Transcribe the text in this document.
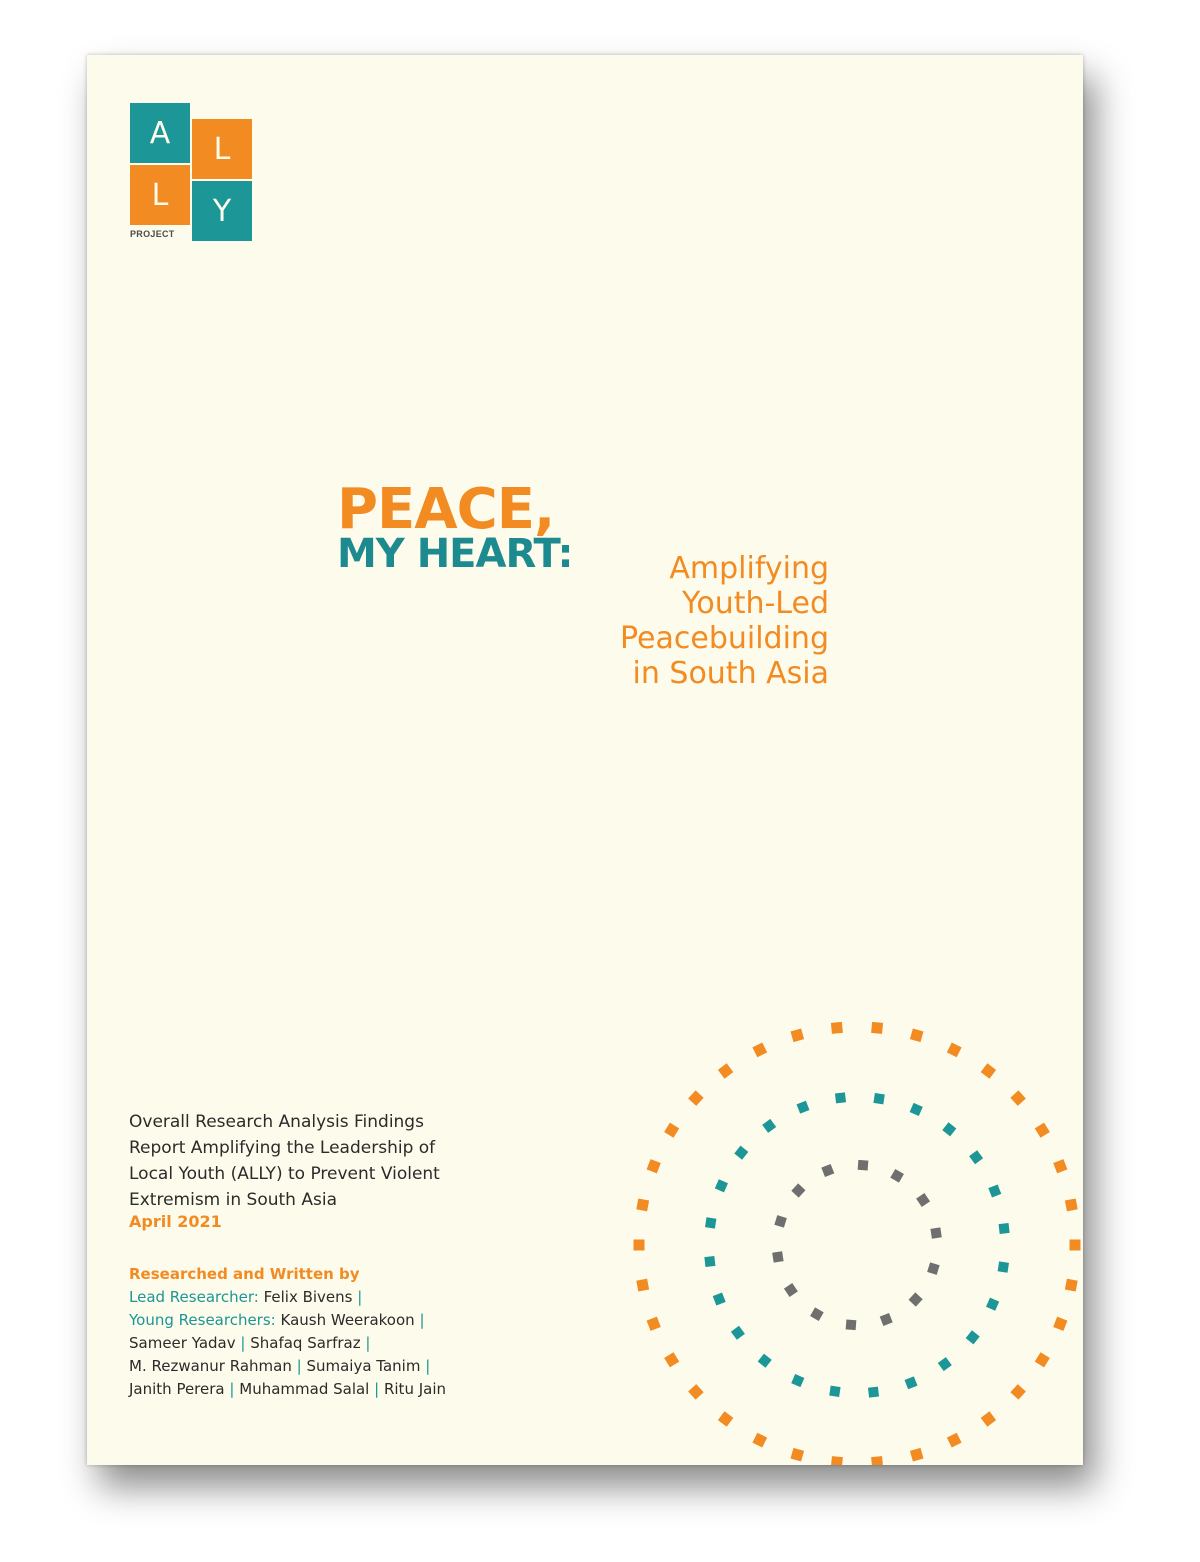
A	L
L	Y
PROJECT
PEACE,
MY HEART:	Amplifying
Youth-Led
Peacebuilding
in South Asia
Overall Research Analysis Findings
Report Amplifying the Leadership of
Local Youth (ALLY) to Prevent Violent
Extremism in South Asia
April 2021
Researched and Written by
Lead Researcher: Felix Bivens |
Young Researchers: Kaush Weerakoon |
Sameer Yadav | Shafaq Sarfraz |
M. Rezwanur Rahman | Sumaiya Tanim |
Janith Perera | Muhammad Salal | Ritu Jain
